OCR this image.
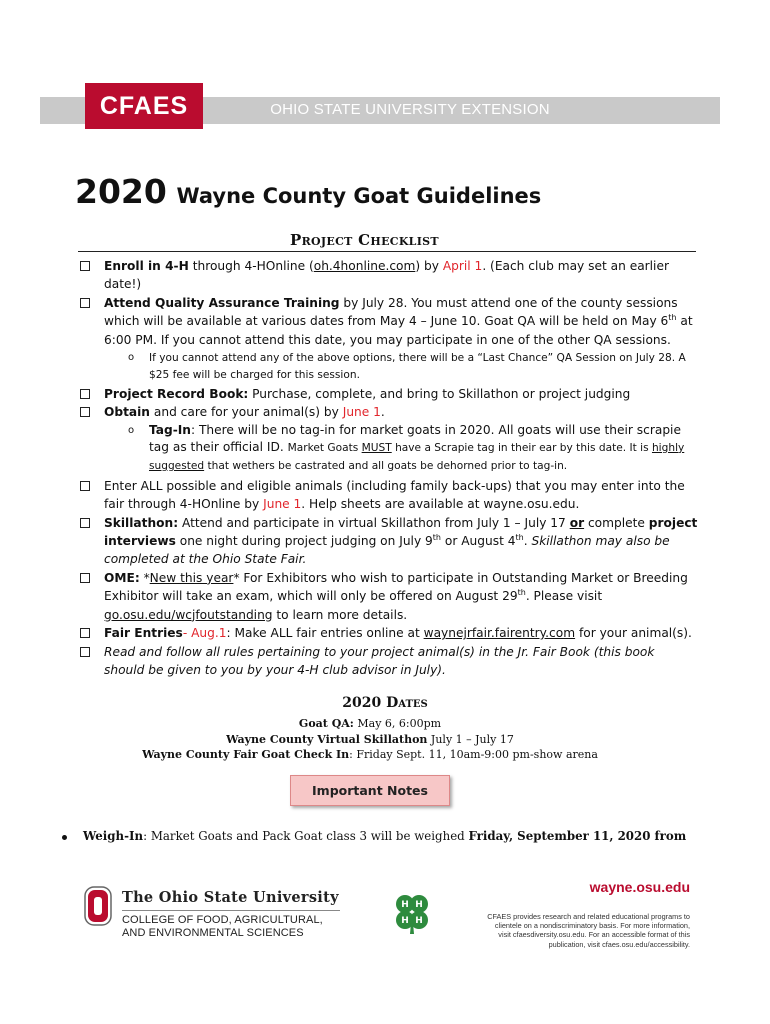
OHIO STATE UNIVERSITY EXTENSION
CFAES
2020 Wayne County Goat Guidelines
Project Checklist
Enroll in 4-H through 4-HOnline (oh.4honline.com) by April 1. (Each club may set an earlier date!)
Attend Quality Assurance Training by July 28. You must attend one of the county sessions which will be available at various dates from May 4 – June 10. Goat QA will be held on May 6th at 6:00 PM. If you cannot attend this date, you may participate in one of the other QA sessions.
o If you cannot attend any of the above options, there will be a “Last Chance” QA Session on July 28. A $25 fee will be charged for this session.
Project Record Book: Purchase, complete, and bring to Skillathon or project judging
Obtain and care for your animal(s) by June 1.
o Tag-In: There will be no tag-in for market goats in 2020. All goats will use their scrapie tag as their official ID. Market Goats MUST have a Scrapie tag in their ear by this date. It is highly suggested that wethers be castrated and all goats be dehorned prior to tag-in.
Enter ALL possible and eligible animals (including family back-ups) that you may enter into the fair through 4-HOnline by June 1. Help sheets are available at wayne.osu.edu.
Skillathon: Attend and participate in virtual Skillathon from July 1 – July 17 or complete project interviews one night during project judging on July 9th or August 4th. Skillathon may also be completed at the Ohio State Fair.
OME: *New this year* For Exhibitors who wish to participate in Outstanding Market or Breeding Exhibitor will take an exam, which will only be offered on August 29th. Please visit go.osu.edu/wcjfoutstanding to learn more details.
Fair Entries- Aug.1: Make ALL fair entries online at waynejrfair.fairentry.com for your animal(s).
Read and follow all rules pertaining to your project animal(s) in the Jr. Fair Book (this book should be given to you by your 4-H club advisor in July).
2020 Dates
Goat QA: May 6, 6:00pm
Wayne County Virtual Skillathon July 1 – July 17
Wayne County Fair Goat Check In: Friday Sept. 11, 10am-9:00 pm-show arena
Important Notes
Weigh-In: Market Goats and Pack Goat class 3 will be weighed Friday, September 11, 2020 from
The Ohio State University
COLLEGE OF FOOD, AGRICULTURAL,
AND ENVIRONMENTAL SCIENCES
H H
H H
wayne.osu.edu
CFAES provides research and related educational programs to
clientele on a nondiscriminatory basis. For more information,
visit cfaesdiversity.osu.edu. For an accessible format of this
publication, visit cfaes.osu.edu/accessibility.
